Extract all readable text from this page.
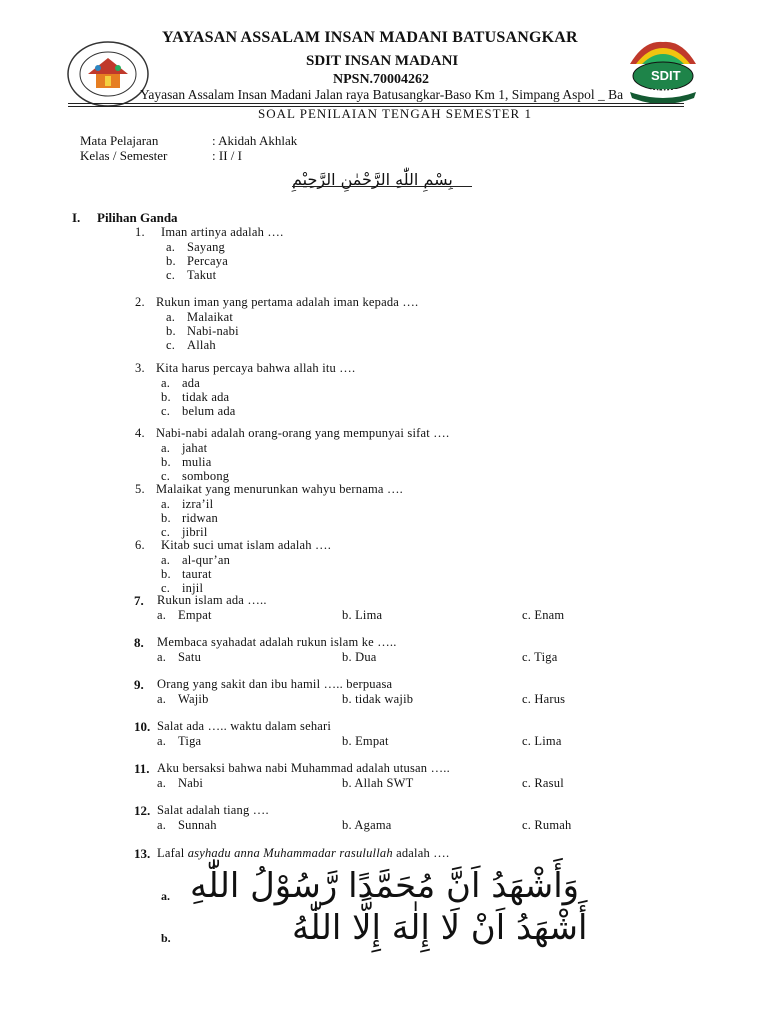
SDIT
INSAN MADANI
YAYASAN ASSALAM INSAN MADANI BATUSANGKAR
SDIT INSAN MADANI
NPSN.70004262
Yayasan Assalam Insan Madani Jalan raya Batusangkar-Baso Km 1, Simpang Aspol _ Ba
SOAL PENILAIAN TENGAH SEMESTER 1
Mata Pelajaran	: Akidah Akhlak
Kelas / Semester	: II / I
بِسْمِ اللّٰهِ الرَّحْمٰنِ الرَّحِيْمِ
I. Pilihan Ganda
1. Iman artinya adalah ….
a. Sayang
b. Percaya
c. Takut
2. Rukun iman yang pertama adalah iman kepada ….
a. Malaikat
b. Nabi-nabi
c. Allah
3. Kita harus percaya bahwa allah itu ….
a. ada
b. tidak ada
c. belum ada
4. Nabi-nabi adalah orang-orang yang mempunyai sifat ….
a. jahat
b. mulia
c. sombong
5. Malaikat yang menurunkan wahyu bernama ….
a. izra’il
b. ridwan
c. jibril
6. Kitab suci umat islam adalah ….
a. al-qur’an
b. taurat
c. injil
7. Rukun islam ada …..
a. Empat	b. Lima	c. Enam
8. Membaca syahadat adalah rukun islam ke …..
a. Satu	b. Dua	c. Tiga
9. Orang yang sakit dan ibu hamil ….. berpuasa
a. Wajib	b. tidak wajib	c. Harus
10. Salat ada ….. waktu dalam sehari
a. Tiga	b. Empat	c. Lima
11. Aku bersaksi bahwa nabi Muhammad adalah utusan …..
a. Nabi	b. Allah SWT	c. Rasul
12. Salat adalah tiang ….
a. Sunnah	b. Agama	c. Rumah
13. Lafal asyhadu anna Muhammadar rasulullah adalah ….
a. وَأَشْهَدُ اَنَّ مُحَمَّدًا رَّسُوْلُ اللّٰهِ
b.	أَشْهَدُ اَنْ لَا إِلٰهَ إِلَّا اللّٰهُ
